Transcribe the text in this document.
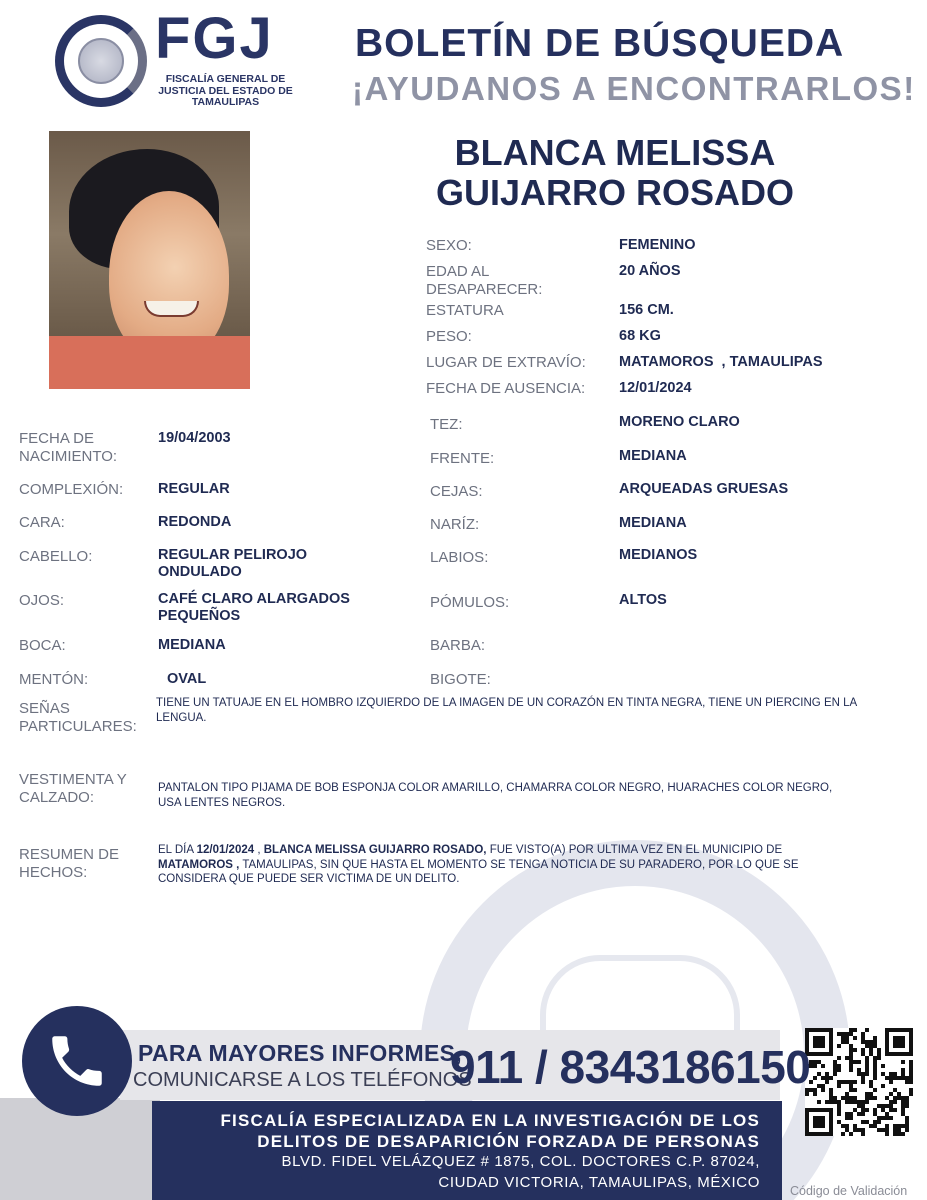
FGJ
FISCALÍA GENERAL DE JUSTICIA DEL ESTADO DE TAMAULIPAS
BOLETÍN DE BÚSQUEDA
¡AYUDANOS A ENCONTRARLOS!
BLANCA MELISSA
GUIJARRO ROSADO
SEXO:	FEMENINO
EDAD AL DESAPARECER:
20 AÑOS
ESTATURA	156 CM.
PESO:	68 KG
LUGAR DE EXTRAVÍO: MATAMOROS  , TAMAULIPAS
FECHA DE AUSENCIA: 12/01/2024
FECHA DE NACIMIENTO:
19/04/2003
COMPLEXIÓN: REGULAR
CARA:	REDONDA
CABELLO:	REGULAR PELIROJO ONDULADO
OJOS:	CAFÉ CLARO ALARGADOS PEQUEÑOS
BOCA:	MEDIANA
MENTÓN:	OVAL
TEZ:	MORENO CLARO
FRENTE:	MEDIANA
CEJAS:	ARQUEADAS GRUESAS
NARÍZ:	MEDIANA
LABIOS:	MEDIANOS
PÓMULOS:	ALTOS
BARBA:
BIGOTE:
SEÑAS PARTICULARES:
TIENE UN TATUAJE EN EL HOMBRO IZQUIERDO DE LA IMAGEN DE UN CORAZÓN EN TINTA NEGRA, TIENE UN PIERCING EN LA LENGUA.
VESTIMENTA Y CALZADO:
PANTALON TIPO PIJAMA DE BOB ESPONJA COLOR AMARILLO, CHAMARRA COLOR NEGRO, HUARACHES COLOR NEGRO, USA LENTES NEGROS.
RESUMEN DE HECHOS:
EL DÍA 12/01/2024 , BLANCA MELISSA GUIJARRO ROSADO, FUE VISTO(A) POR ULTIMA VEZ EN EL MUNICIPIO DE MATAMOROS , TAMAULIPAS, SIN QUE HASTA EL MOMENTO SE TENGA NOTICIA DE SU PARADERO, POR LO QUE SE CONSIDERA QUE PUEDE SER VICTIMA DE UN DELITO.
PARA MAYORES INFORMES,
COMUNICARSE A LOS TELÉFONOS
911 / 8343186150
FISCALÍA ESPECIALIZADA EN LA INVESTIGACIÓN DE LOS
DELITOS DE DESAPARICIÓN FORZADA DE PERSONAS
BLVD. FIDEL VELÁZQUEZ # 1875, COL. DOCTORES C.P. 87024,
CIUDAD VICTORIA, TAMAULIPAS, MÉXICO
Código de Validación
